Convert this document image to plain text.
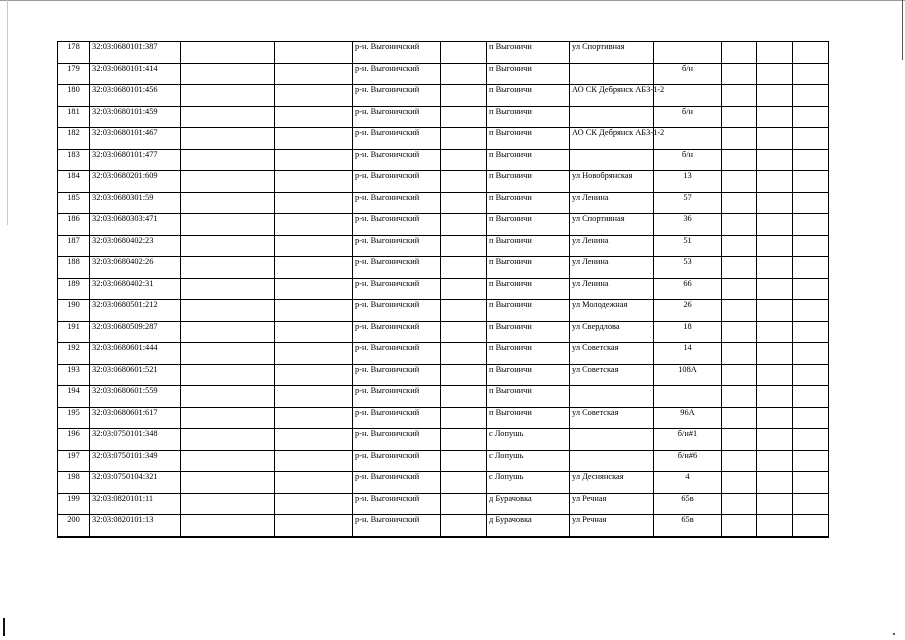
178	32:03:0680101:387			р-н. Выгоничский		п Выгоничи	ул Спортивная				
179	32:03:0680101:414			р-н. Выгоничский		п Выгоничи		б/н			
180	32:03:0680101:456			р-н. Выгоничский		п Выгоничи	АО СК Дебрянск АБЗ-1-2				
181	32:03:0680101:459			р-н. Выгоничский		п Выгоничи		б/н			
182	32:03:0680101:467			р-н. Выгоничский		п Выгоничи	АО СК Дебрянск АБЗ-1-2				
183	32:03:0680101:477			р-н. Выгоничский		п Выгоничи		б/н			
184	32:03:0680201:609			р-н. Выгоничский		п Выгоничи	ул Новобрянская	13			
185	32:03:0680301:59			р-н. Выгоничский		п Выгоничи	ул Ленина	57			
186	32:03:0680303:471			р-н. Выгоничский		п Выгоничи	ул Спортивная	36			
187	32:03:0680402:23			р-н. Выгоничский		п Выгоничи	ул Ленина	51			
188	32:03:0680402:26			р-н. Выгоничский		п Выгоничи	ул Ленина	53			
189	32:03:0680402:31			р-н. Выгоничский		п Выгоничи	ул Ленина	66			
190	32:03:0680501:212			р-н. Выгоничский		п Выгоничи	ул Молодежная	26			
191	32:03:0680509:287			р-н. Выгоничский		п Выгоничи	ул Свердлова	18			
192	32:03:0680601:444			р-н. Выгоничский		п Выгоничи	ул Советская	14			
193	32:03:0680601:521			р-н. Выгоничский		п Выгоничи	ул Советская	108А			
194	32:03:0680601:559			р-н. Выгоничский		п Выгоничи					
195	32:03:0680601:617			р-н. Выгоничский		п Выгоничи	ул Советская	96А			
196	32:03:0750101:348			р-н. Выгоничский		с Лопушь		б/н#1			
197	32:03:0750101:349			р-н. Выгоничский		с Лопушь		б/н#6			
198	32:03:0750104:321			р-н. Выгоничский		с Лопушь	ул Деснянская	4			
199	32:03:0820101:11			р-н. Выгоничский		д Бурачовка	ул Речная	65в			
200	32:03:0820101:13			р-н. Выгоничский		д Бурачовка	ул Речная	65в			
